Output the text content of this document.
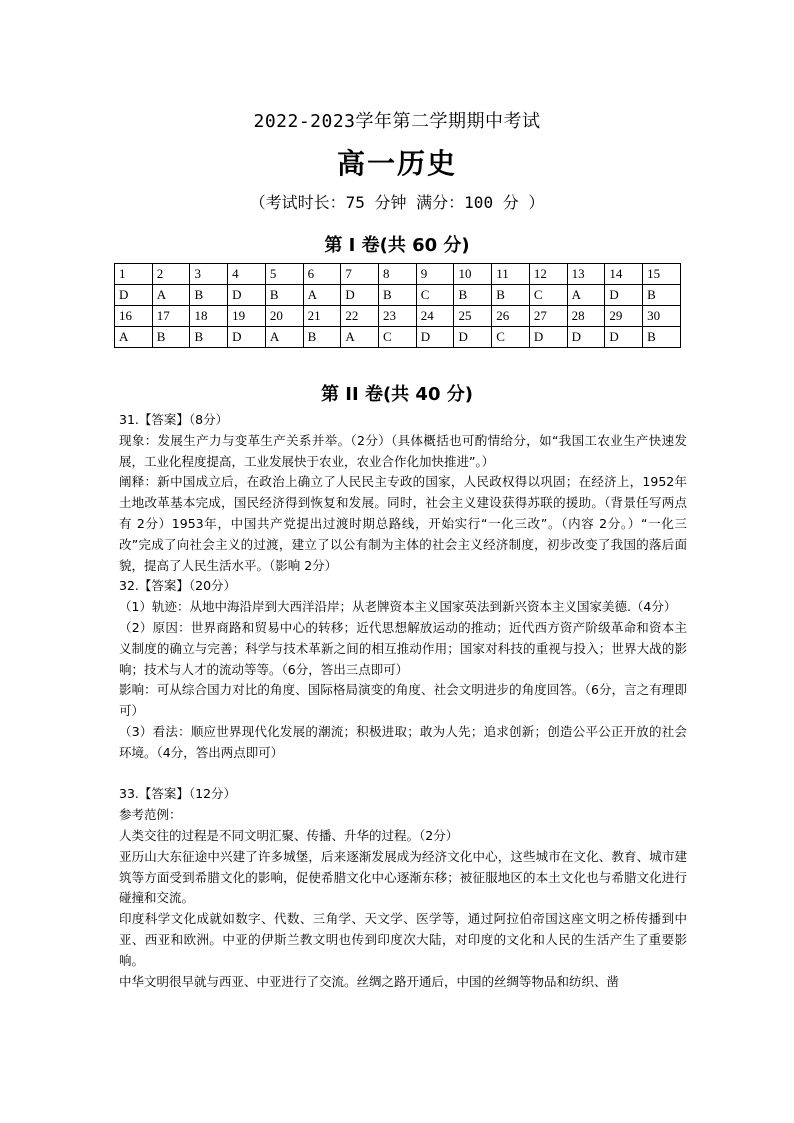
2022-2023学年第二学期期中考试
高一历史
（考试时长：75 分钟 满分：100 分 ）
第 I 卷(共 60 分)
1	2	3	4	5	6	7	8	9	10	11	12	13	14	15
D	A	B	D	B	A	D	B	C	B	B	C	A	D	B
16	17	18	19	20	21	22	23	24	25	26	27	28	29	30
A	B	B	D	A	B	A	C	D	D	C	D	D	D	B
第 II 卷(共 40 分)

31.【答案】（8分）

现象：发展生产力与变革生产关系并举。（2分）（具体概括也可酌情给分，如“我国工农业生产快速发展，工业化程度提高，工业发展快于农业，农业合作化加快推进”。）

阐释：新中国成立后，在政治上确立了人民民主专政的国家，人民政权得以巩固；在经济上，1952年土地改革基本完成，国民经济得到恢复和发展。同时，社会主义建设获得苏联的援助。（背景任写两点有 2分）1953年，中国共产党提出过渡时期总路线，开始实行“一化三改”。（内容 2分。）“一化三改”完成了向社会主义的过渡，建立了以公有制为主体的社会主义经济制度，初步改变了我国的落后面貌，提高了人民生活水平。（影响 2分）

32.【答案】（20分）

（1）轨迹：从地中海沿岸到大西洋沿岸；从老牌资本主义国家英法到新兴资本主义国家美德.（4分）

（2）原因：世界商路和贸易中心的转移；近代思想解放运动的推动；近代西方资产阶级革命和资本主义制度的确立与完善；科学与技术革新之间的相互推动作用；国家对科技的重视与投入；世界大战的影响；技术与人才的流动等等。（6分，答出三点即可）

影响：可从综合国力对比的角度、国际格局演变的角度、社会文明进步的角度回答。（6分，言之有理即可）

（3）看法：顺应世界现代化发展的潮流；积极进取；敢为人先；追求创新；创造公平公正开放的社会环境。（4分，答出两点即可）

33.【答案】（12分）

参考范例：

人类交往的过程是不同文明汇聚、传播、升华的过程。（2分）

亚历山大东征途中兴建了许多城堡，后来逐渐发展成为经济文化中心，这些城市在文化、教育、城市建筑等方面受到希腊文化的影响，促使希腊文化中心逐渐东移；被征服地区的本土文化也与希腊文化进行碰撞和交流。

印度科学文化成就如数字、代数、三角学、天文学、医学等，通过阿拉伯帝国这座文明之桥传播到中亚、西亚和欧洲。中亚的伊斯兰教文明也传到印度次大陆，对印度的文化和人民的生活产生了重要影响。

中华文明很早就与西亚、中亚进行了交流。丝绸之路开通后，中国的丝绸等物品和纺织、凿
